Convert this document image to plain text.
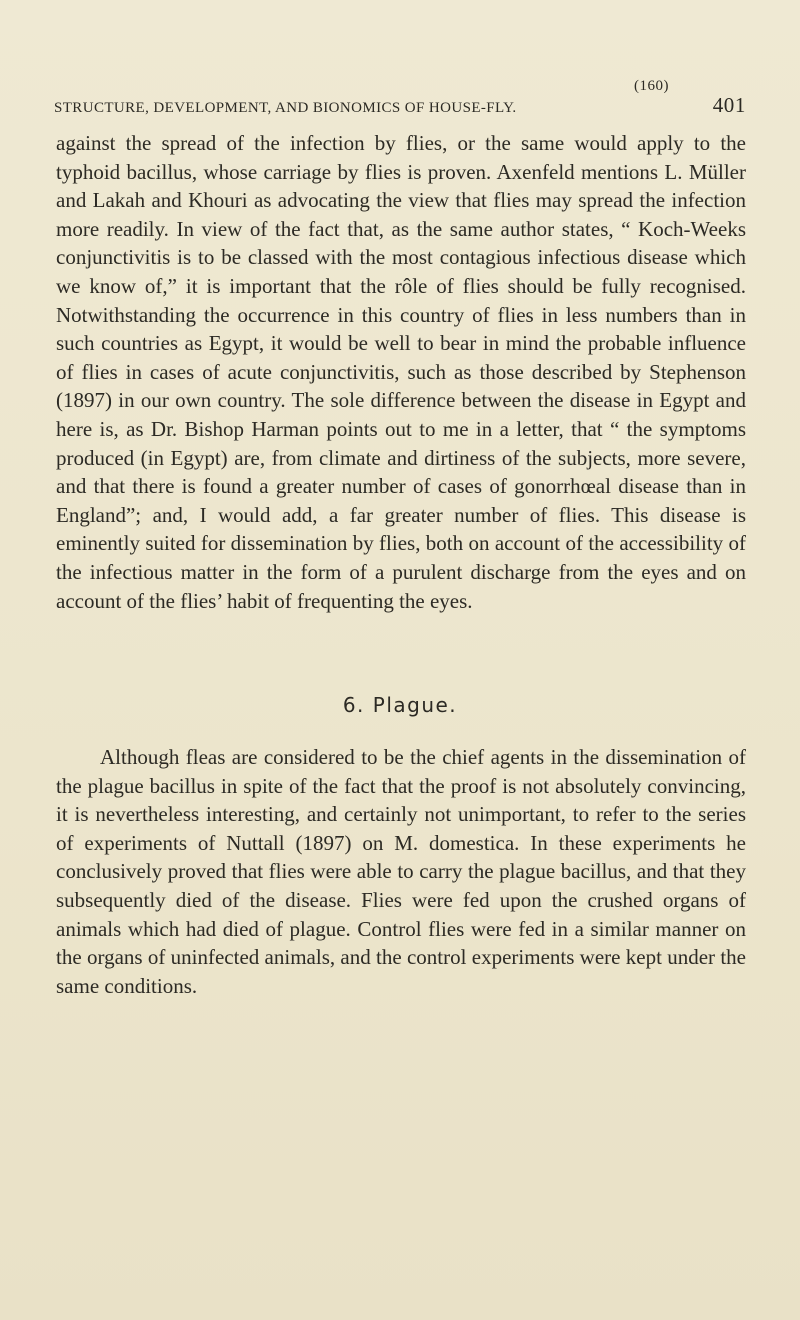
(160)
STRUCTURE, DEVELOPMENT, AND BIONOMICS OF HOUSE-FLY.	401

against the spread of the infection by flies, or the same would apply to the typhoid bacillus, whose carriage by flies is proven. Axenfeld mentions L. Müller and Lakah and Khouri as advocating the view that flies may spread the infection more readily. In view of the fact that, as the same author states, “ Koch-Weeks conjunctivitis is to be classed with the most contagious infectious disease which we know of,” it is important that the rôle of flies should be fully recognised. Notwithstanding the occurrence in this country of flies in less numbers than in such countries as Egypt, it would be well to bear in mind the probable influence of flies in cases of acute conjunctivitis, such as those described by Stephenson (1897) in our own country. The sole difference between the disease in Egypt and here is, as Dr. Bishop Harman points out to me in a letter, that “ the symptoms produced (in Egypt) are, from climate and dirtiness of the subjects, more severe, and that there is found a greater number of cases of gonorrhœal disease than in England”; and, I would add, a far greater number of flies. This disease is eminently suited for dissemination by flies, both on account of the accessibility of the infectious matter in the form of a purulent discharge from the eyes and on account of the flies’ habit of frequenting the eyes.

6. Plague.

Although fleas are considered to be the chief agents in the dissemination of the plague bacillus in spite of the fact that the proof is not absolutely convincing, it is nevertheless interesting, and certainly not unimportant, to refer to the series of experiments of Nuttall (1897) on M. domestica. In these experiments he conclusively proved that flies were able to carry the plague bacillus, and that they subsequently died of the disease. Flies were fed upon the crushed organs of animals which had died of plague. Control flies were fed in a similar manner on the organs of uninfected animals, and the control experiments were kept under the same conditions.
